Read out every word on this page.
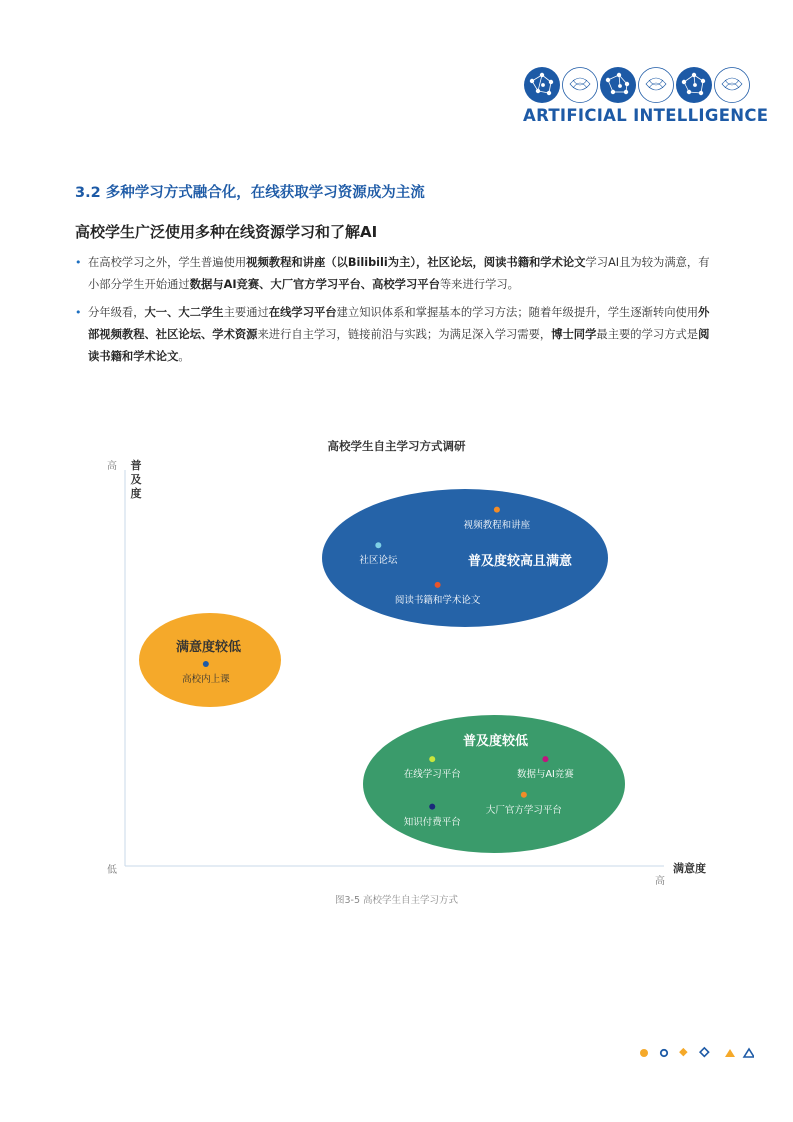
ARTIFICIAL INTELLIGENCE
3.2 多种学习方式融合化，在线获取学习资源成为主流
高校学生广泛使用多种在线资源学习和了解AI
• 在高校学习之外，学生普遍使用视频教程和讲座（以Bilibili为主），社区论坛，阅读书籍和学术论文学习AI且为较为满意，有小部分学生开始通过数据与AI竞赛、大厂官方学习平台、高校学习平台等来进行学习。
• 分年级看，大一、大二学生主要通过在线学习平台建立知识体系和掌握基本的学习方法；随着年级提升，学生逐渐转向使用外部视频教程、社区论坛、学术资源来进行自主学习，链接前沿与实践；为满足深入学习需要，博士同学最主要的学习方式是阅读书籍和学术论文。
高校学生自主学习方式调研
高 普及度
低
高
满意度
普及度较高且满意
满意度较低
普及度较低
视频教程和讲座
社区论坛
阅读书籍和学术论文
高校内上课
在线学习平台	数据与AI竞赛
大厂官方学习平台
知识付费平台
图3-5 高校学生自主学习方式
